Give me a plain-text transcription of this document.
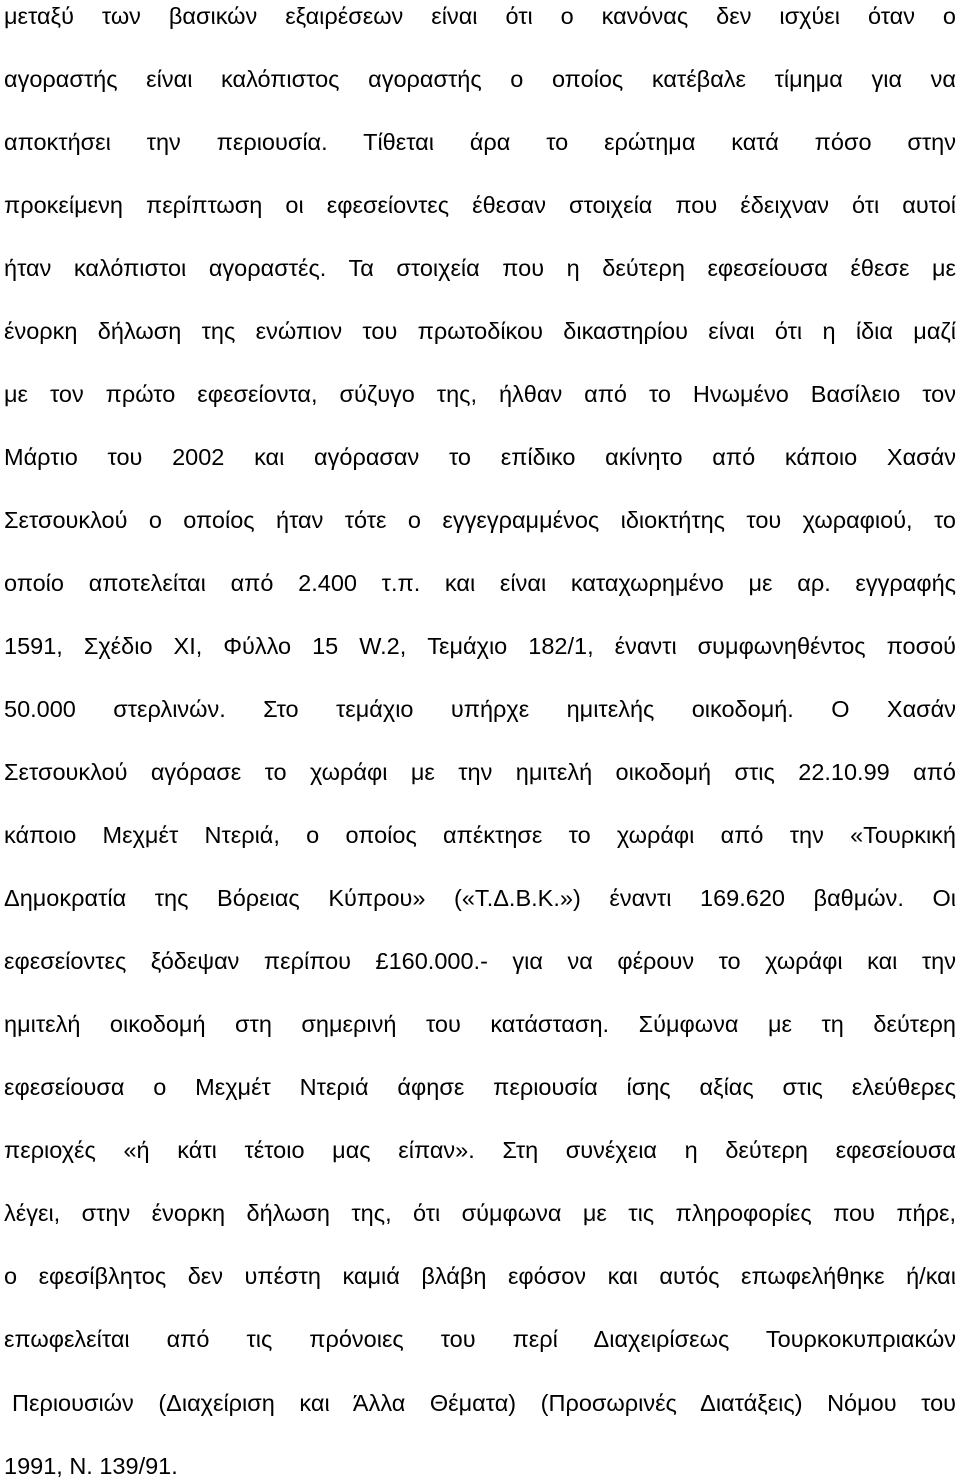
μεταξύ των βασικών εξαιρέσεων είναι ότι ο κανόνας δεν ισχύει όταν ο
αγοραστής είναι καλόπιστος αγοραστής ο οποίος κατέβαλε τίμημα για να
αποκτήσει την περιουσία. Τίθεται άρα το ερώτημα κατά πόσο στην
προκείμενη περίπτωση οι εφεσείοντες έθεσαν στοιχεία που έδειχναν ότι αυτοί
ήταν καλόπιστοι αγοραστές. Τα στοιχεία που η δεύτερη εφεσείουσα έθεσε με
ένορκη δήλωση της ενώπιον του πρωτοδίκου δικαστηρίου είναι ότι η ίδια μαζί
με τον πρώτο εφεσείοντα, σύζυγο της, ήλθαν από το Ηνωμένο Βασίλειο τον
Μάρτιο του 2002 και αγόρασαν το επίδικο ακίνητο από κάποιο Χασάν
Σετσουκλού ο οποίος ήταν τότε ο εγγεγραμμένος ιδιοκτήτης του χωραφιού, το
οποίο αποτελείται από 2.400 τ.π. και είναι καταχωρημένο με αρ. εγγραφής
1591, Σχέδιο XI, Φύλλο 15 W.2, Τεμάχιο 182/1, έναντι συμφωνηθέντος ποσού
50.000 στερλινών. Στο τεμάχιο υπήρχε ημιτελής οικοδομή. Ο Χασάν
Σετσουκλού αγόρασε το χωράφι με την ημιτελή οικοδομή στις 22.10.99 από
κάποιο Μεχμέτ Ντεριά, ο οποίος απέκτησε το χωράφι από την «Τουρκική
Δημοκρατία της Βόρειας Κύπρου» («Τ.Δ.Β.Κ.») έναντι 169.620 βαθμών. Οι
εφεσείοντες ξόδεψαν περίπου £160.000.- για να φέρουν το χωράφι και την
ημιτελή οικοδομή στη σημερινή του κατάσταση. Σύμφωνα με τη δεύτερη
εφεσείουσα ο Μεχμέτ Ντεριά άφησε περιουσία ίσης αξίας στις ελεύθερες
περιοχές «ή κάτι τέτοιο μας είπαν». Στη συνέχεια η δεύτερη εφεσείουσα
λέγει, στην ένορκη δήλωση της, ότι σύμφωνα με τις πληροφορίες που πήρε,
ο εφεσίβλητος δεν υπέστη καμιά βλάβη εφόσον και αυτός επωφελήθηκε ή/και
επωφελείται από τις πρόνοιες του περί Διαχειρίσεως Τουρκοκυπριακών
Περιουσιών (Διαχείριση και Άλλα Θέματα) (Προσωρινές Διατάξεις) Νόμου του
1991, Ν. 139/91.
